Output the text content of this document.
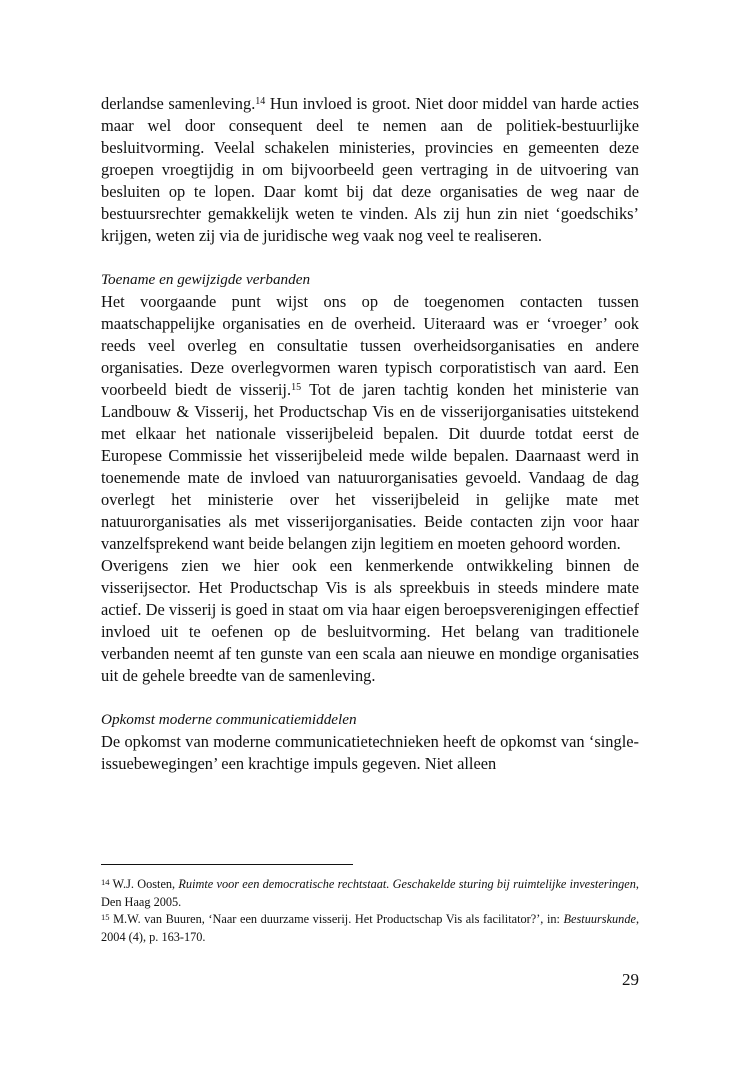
derlandse samenleving.$^{14}$ Hun invloed is groot. Niet door middel van harde acties maar wel door consequent deel te nemen aan de politiek-bestuurlijke besluitvorming. Veelal schakelen ministeries, provincies en gemeenten deze groepen vroegtijdig in om bijvoorbeeld geen vertraging in de uitvoering van besluiten op te lopen. Daar komt bij dat deze organisaties de weg naar de bestuursrechter gemakkelijk weten te vinden. Als zij hun zin niet ‘goedschiks’ krijgen, weten zij via de juridische weg vaak nog veel te realiseren.

Toename en gewijzigde verbanden

Het voorgaande punt wijst ons op de toegenomen contacten tussen maatschappelijke organisaties en de overheid. Uiteraard was er ‘vroeger’ ook reeds veel overleg en consultatie tussen overheidsorganisaties en andere organisaties. Deze overlegvormen waren typisch corporatistisch van aard. Een voorbeeld biedt de visserij.$^{15}$ Tot de jaren tachtig konden het ministerie van Landbouw & Visserij, het Productschap Vis en de visserijorganisaties uitstekend met elkaar het nationale visserijbeleid bepalen. Dit duurde totdat eerst de Europese Commissie het visserijbeleid mede wilde bepalen. Daarnaast werd in toenemende mate de invloed van natuurorganisaties gevoeld. Vandaag de dag overlegt het ministerie over het visserijbeleid in gelijke mate met natuurorganisaties als met visserijorganisaties. Beide contacten zijn voor haar vanzelfsprekend want beide belangen zijn legitiem en moeten gehoord worden.

Overigens zien we hier ook een kenmerkende ontwikkeling binnen de visserijsector. Het Productschap Vis is als spreekbuis in steeds mindere mate actief. De visserij is goed in staat om via haar eigen beroepsverenigingen effectief invloed uit te oefenen op de besluitvorming. Het belang van traditionele verbanden neemt af ten gunste van een scala aan nieuwe en mondige organisaties uit de gehele breedte van de samenleving.

Opkomst moderne communicatiemiddelen

De opkomst van moderne communicatietechnieken heeft de opkomst van ‘single-issuebewegingen’ een krachtige impuls gegeven. Niet alleen

$^{14}$ W.J. Oosten, Ruimte voor een democratische rechtstaat. Geschakelde sturing bij ruimtelijke investeringen, Den Haag 2005.

$^{15}$ M.W. van Buuren, ‘Naar een duurzame visserij. Het Productschap Vis als facilitator?’, in: Bestuurskunde, 2004 (4), p. 163-170.

29
